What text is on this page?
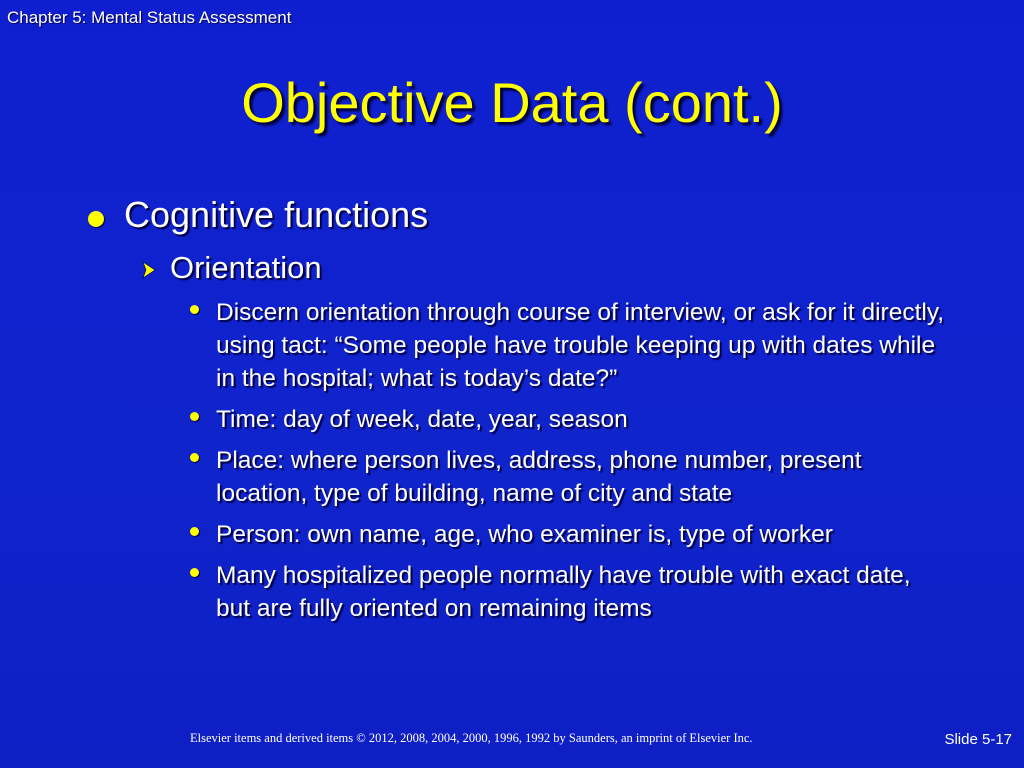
Chapter 5: Mental Status Assessment
Objective Data (cont.)
Cognitive functions
Orientation
Discern orientation through course of interview, or ask for it directly, using tact: “Some people have trouble keeping up with dates while in the hospital; what is today’s date?”
Time: day of week, date, year, season
Place: where person lives, address, phone number, present location, type of building, name of city and state
Person: own name, age, who examiner is, type of worker
Many hospitalized people normally have trouble with exact date, but are fully oriented on remaining items
Elsevier items and derived items © 2012, 2008, 2004, 2000, 1996, 1992 by Saunders, an imprint of Elsevier Inc.	Slide 5-17
